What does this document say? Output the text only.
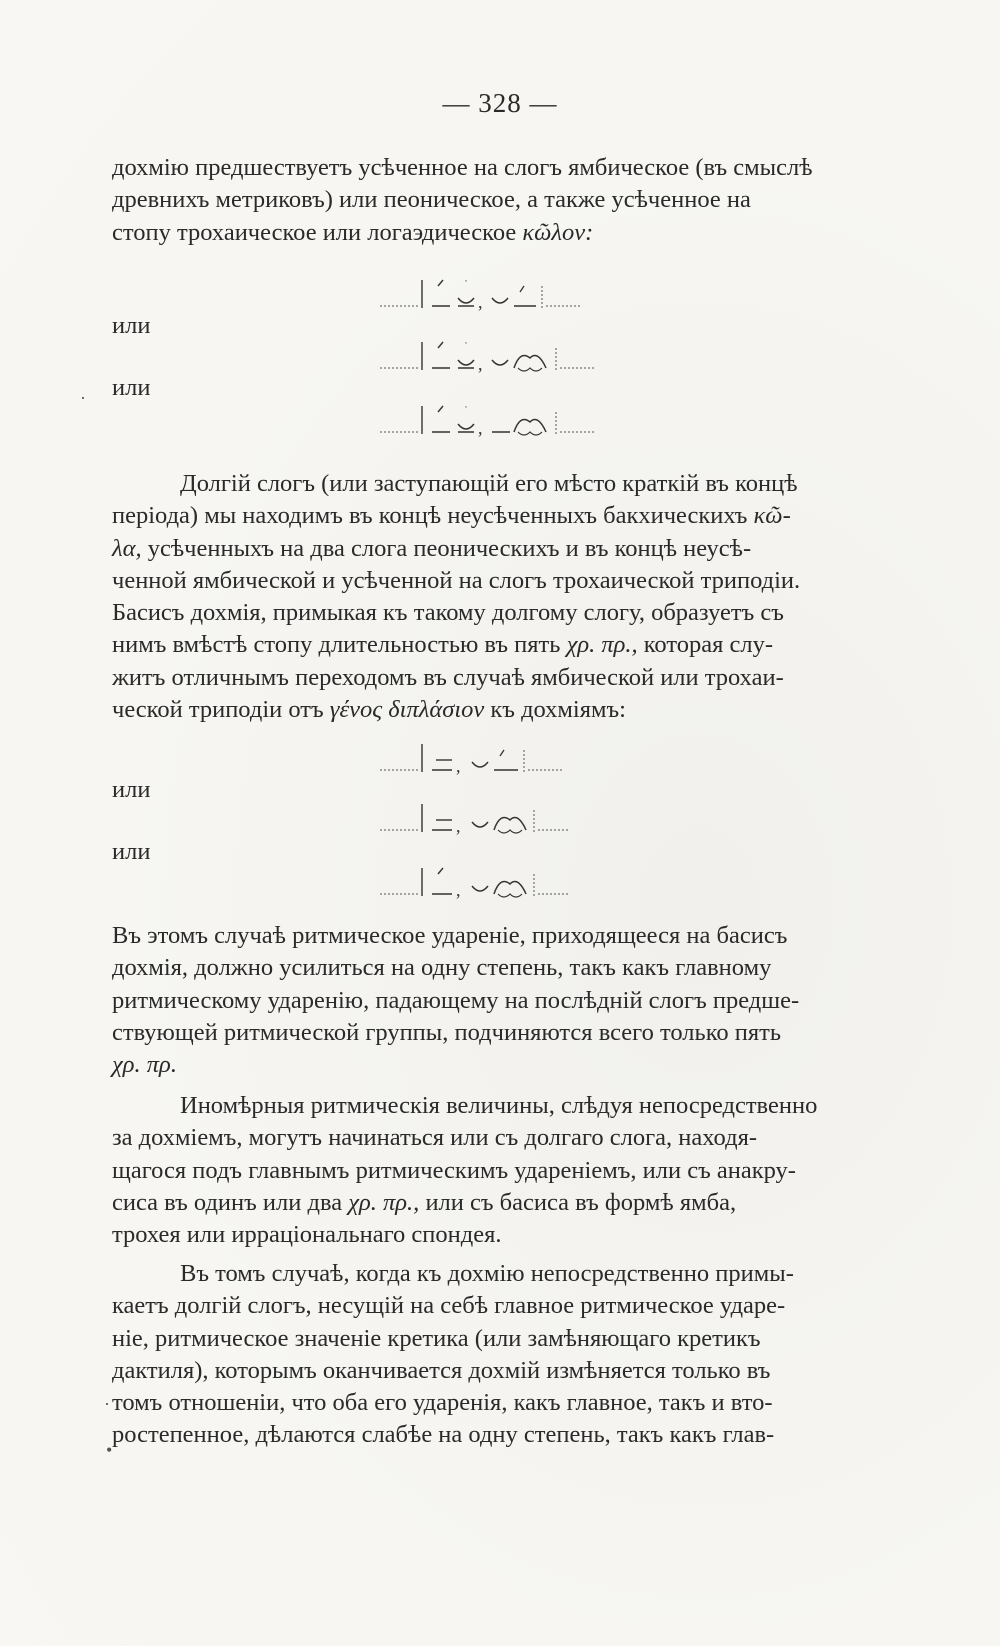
— 328 —

дохмію предшествуетъ усѣченное на слогъ ямбическое (въ смыслѣ

древнихъ метриковъ) или пеоническое, а также усѣченное на

стопу трохаическое или логаэдическое κῶλον:

˙
,
или
˙
,
или
˙
,

Долгій слогъ (или заступающій его мѣсто краткій въ концѣ

періода) мы находимъ въ концѣ неусѣченныхъ бакхическихъ κῶ-

λα, усѣченныхъ на два слога пеоническихъ и въ концѣ неусѣ-

ченной ямбической и усѣченной на слогъ трохаической триподіи.

Басисъ дохмія, примыкая къ такому долгому слогу, образуетъ съ

нимъ вмѣстѣ стопу длительностью въ пять χρ. πρ., которая слу-

житъ отличнымъ переходомъ въ случаѣ ямбической или трохаи-

ческой триподіи отъ γένος διπλάσιον къ дохміямъ:

,
или
,
или
,

Въ этомъ случаѣ ритмическое удареніе, приходящееся на басисъ

дохмія, должно усилиться на одну степень, такъ какъ главному

ритмическому ударенію, падающему на послѣдній слогъ предше-

ствующей ритмической группы, подчиняются всего только пять

χρ. πρ.

Иномѣрныя ритмическія величины, слѣдуя непосредственно

за дохміемъ, могутъ начинаться или съ долгаго слога, находя-

щагося подъ главнымъ ритмическимъ удареніемъ, или съ анакру-

сиса въ одинъ или два χρ. πρ., или съ басиса въ формѣ ямба,

трохея или ирраціональнаго спондея.

Въ томъ случаѣ, когда къ дохмію непосредственно примы-

каетъ долгій слогъ, несущій на себѣ главное ритмическое ударе-

ніе, ритмическое значеніе кретика (или замѣняющаго кретикъ

дактиля), которымъ оканчивается дохмій измѣняется только въ

томъ отношеніи, что оба его ударенія, какъ главное, такъ и вто-

ростепенное, дѣлаются слабѣе на одну степень, такъ какъ глав-

·
·
•
